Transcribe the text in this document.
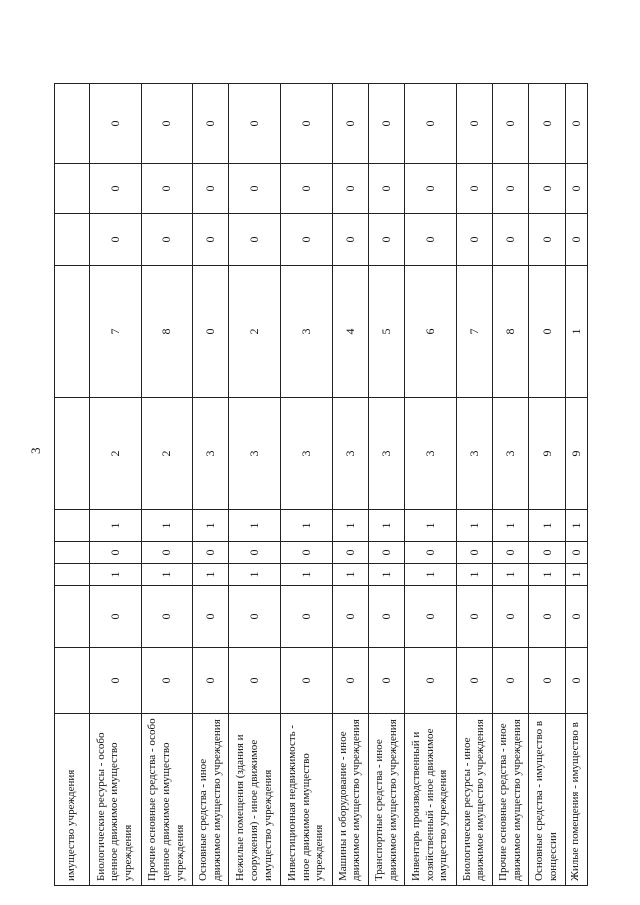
3
имущество учреждения										
Биологические ресурсы - особо ценное движимое имущество учреждения	0	0	1	0	1	2	7	0	0	0
Прочие основные средства - особо ценное движимое имущество учреждения	0	0	1	0	1	2	8	0	0	0
Основные средства - иное движимое имущество учреждения	0	0	1	0	1	3	0	0	0	0
Нежилые помещения (здания и сооружения) - иное движимое имущество учреждения	0	0	1	0	1	3	2	0	0	0
Инвестиционная недвижимость - иное движимое имущество учреждения	0	0	1	0	1	3	3	0	0	0
Машины и оборудование - иное движимое имущество учреждения	0	0	1	0	1	3	4	0	0	0
Транспортные средства - иное движимое имущество учреждения	0	0	1	0	1	3	5	0	0	0
Инвентарь производственный и хозяйственный - иное движимое имущество учреждения	0	0	1	0	1	3	6	0	0	0
Биологические ресурсы - иное движимое имущество учреждения	0	0	1	0	1	3	7	0	0	0
Прочие основные средства - иное движимое имущество учреждения	0	0	1	0	1	3	8	0	0	0
Основные средства - имущество в концессии	0	0	1	0	1	9	0	0	0	0
Жилые помещения - имущество в	0	0	1	0	1	9	1	0	0	0
